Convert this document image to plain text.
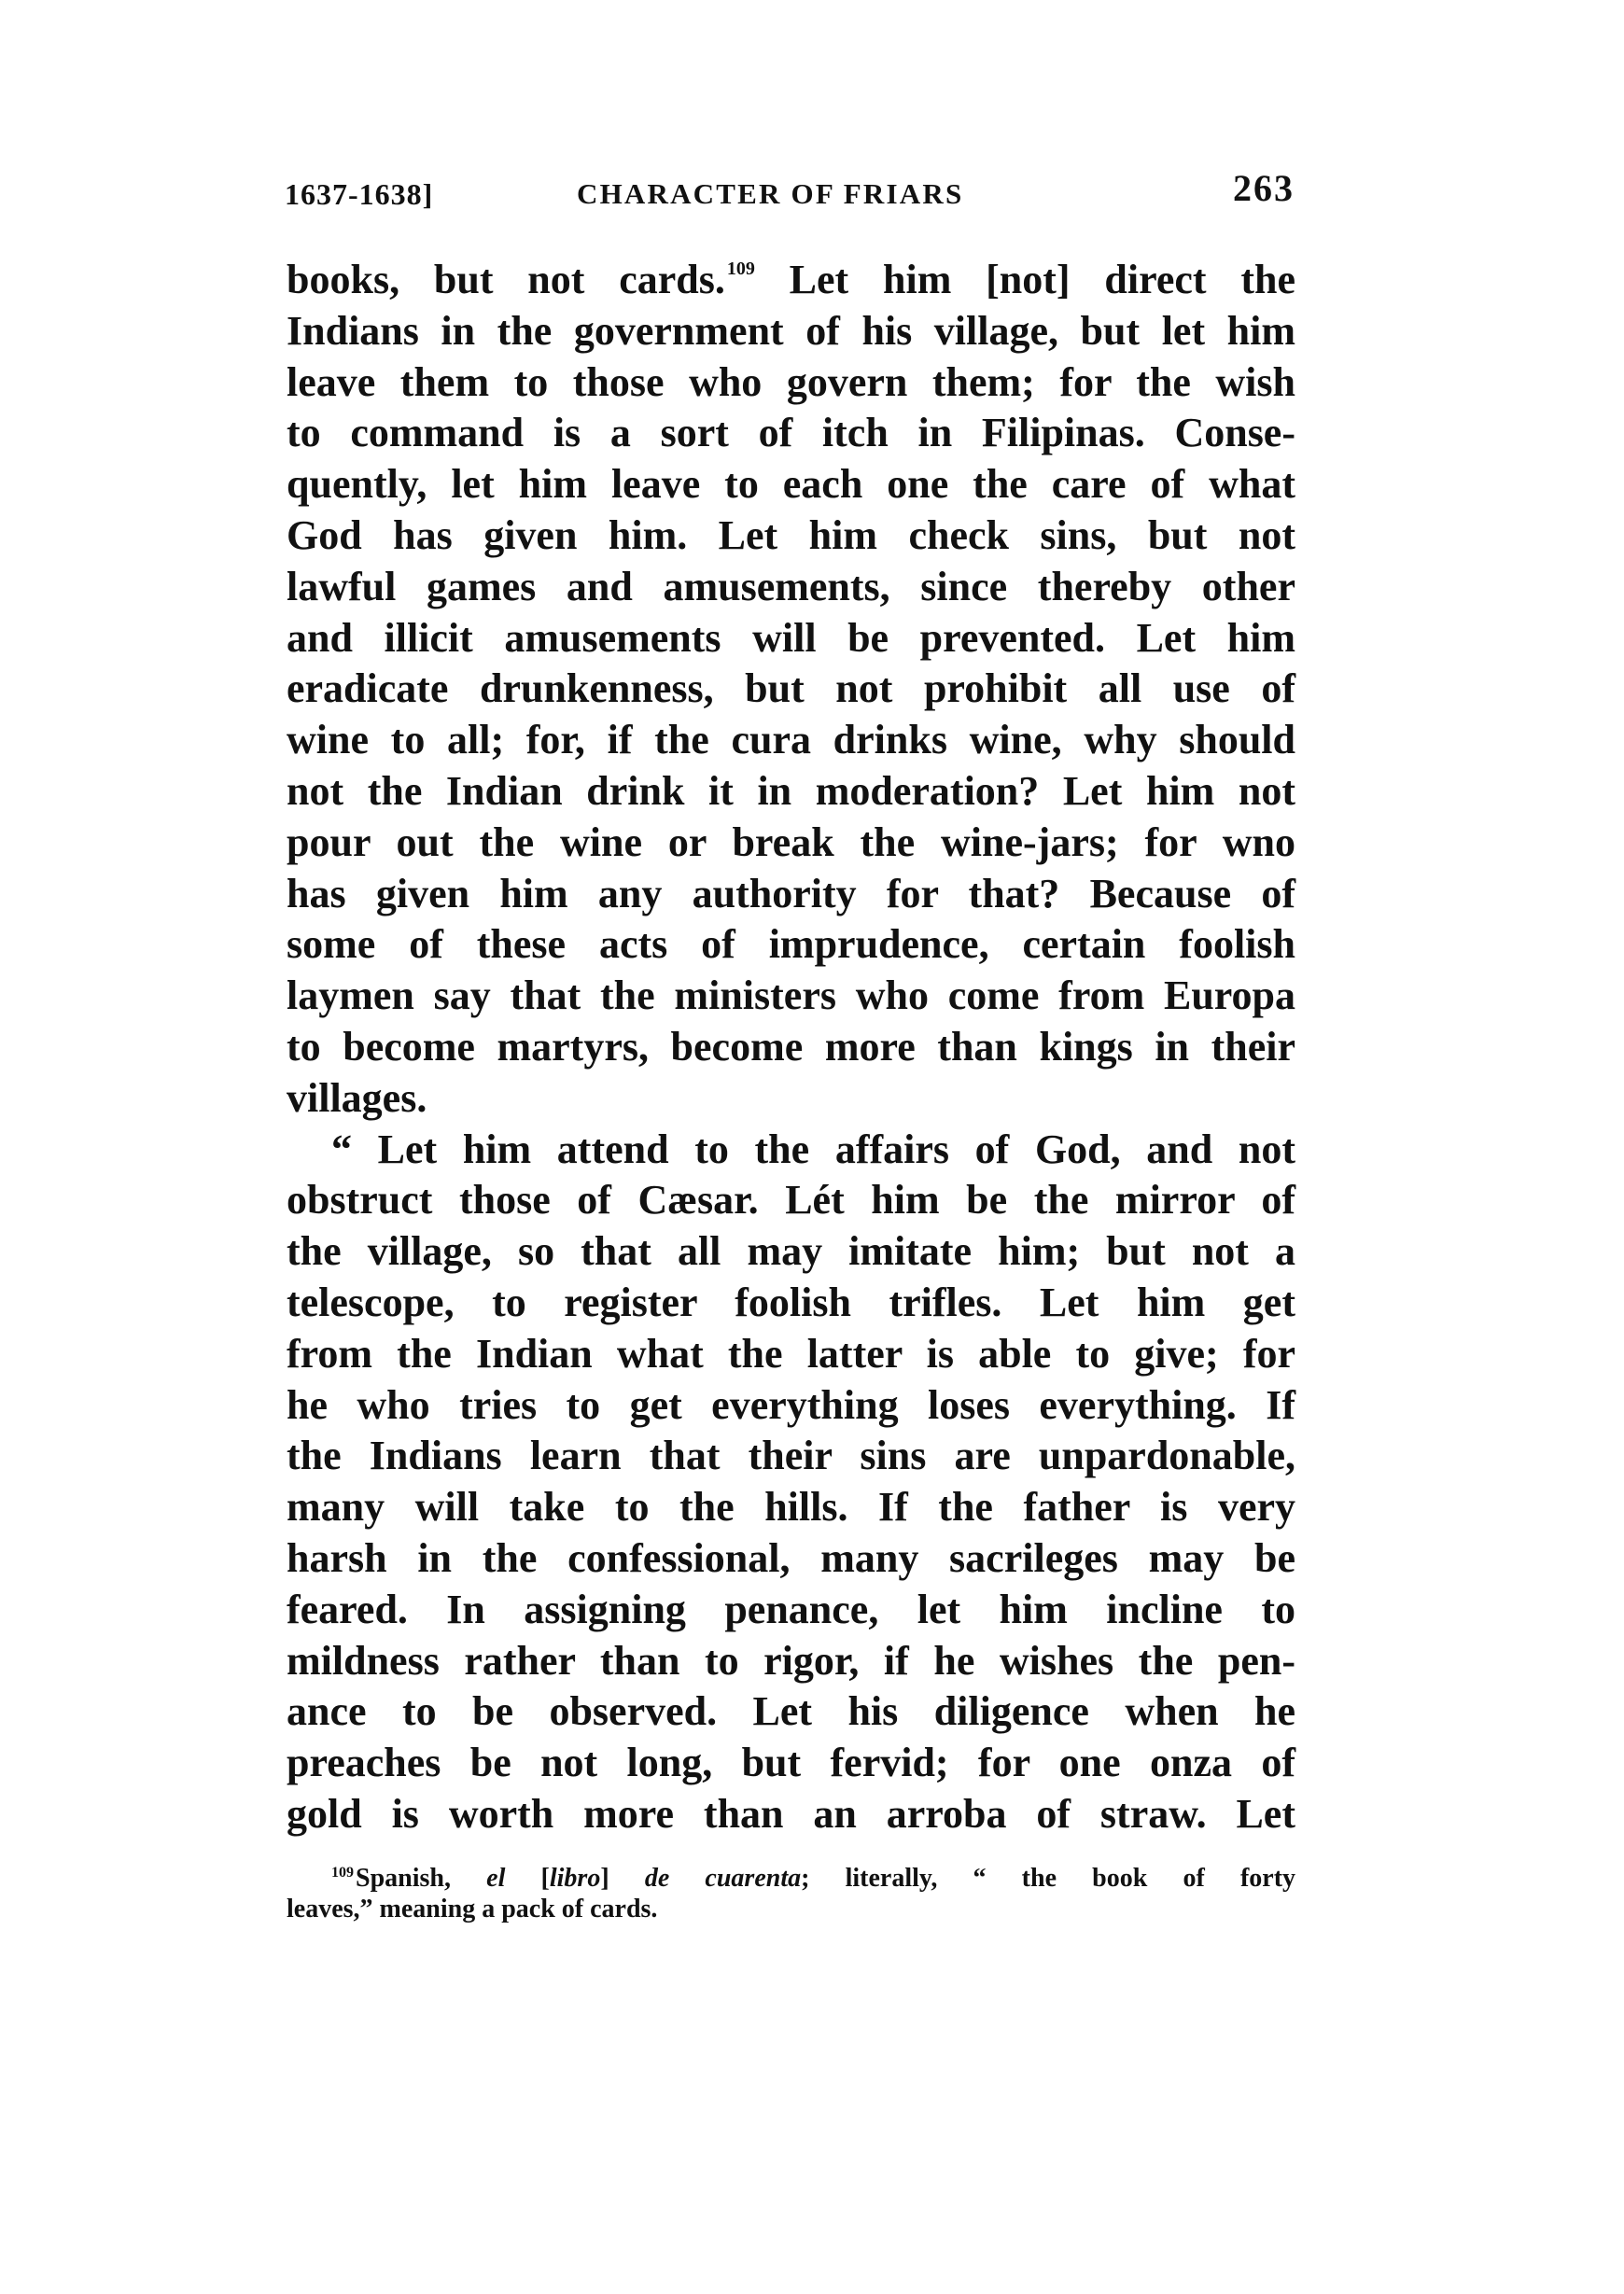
1637-1638]	CHARACTER OF FRIARS	263
books, but not cards. $^{109}$ Let him [not] direct the
Indians in the government of his village, but let him
leave them to those who govern them; for the wish
to command is a sort of itch in Filipinas. Conse-
quently, let him leave to each one the care of what
God has given him. Let him check sins, but not
lawful games and amusements, since thereby other
and illicit amusements will be prevented. Let him
eradicate drunkenness, but not prohibit all use of
wine to all; for, if the cura drinks wine, why should
not the Indian drink it in moderation? Let him not
pour out the wine or break the wine-jars; for wno
has given him any authority for that? Because of
some of these acts of imprudence, certain foolish
laymen say that the ministers who come from Europa
to become martyrs, become more than kings in their
villages.
“ Let him attend to the affairs of God, and not
obstruct those of Cæsar. Lét him be the mirror of
the village, so that all may imitate him; but not a
telescope, to register foolish trifles. Let him get
from the Indian what the latter is able to give; for
he who tries to get everything loses everything. If
the Indians learn that their sins are unpardonable,
many will take to the hills. If the father is very
harsh in the confessional, many sacrileges may be
feared. In assigning penance, let him incline to
mildness rather than to rigor, if he wishes the pen-
ance to be observed. Let his diligence when he
preaches be not long, but fervid; for one onza of
gold is worth more than an arroba of straw. Let
$^{109}$Spanish, el [libro] de cuarenta; literally, “ the book of forty
leaves,” meaning a pack of cards.
